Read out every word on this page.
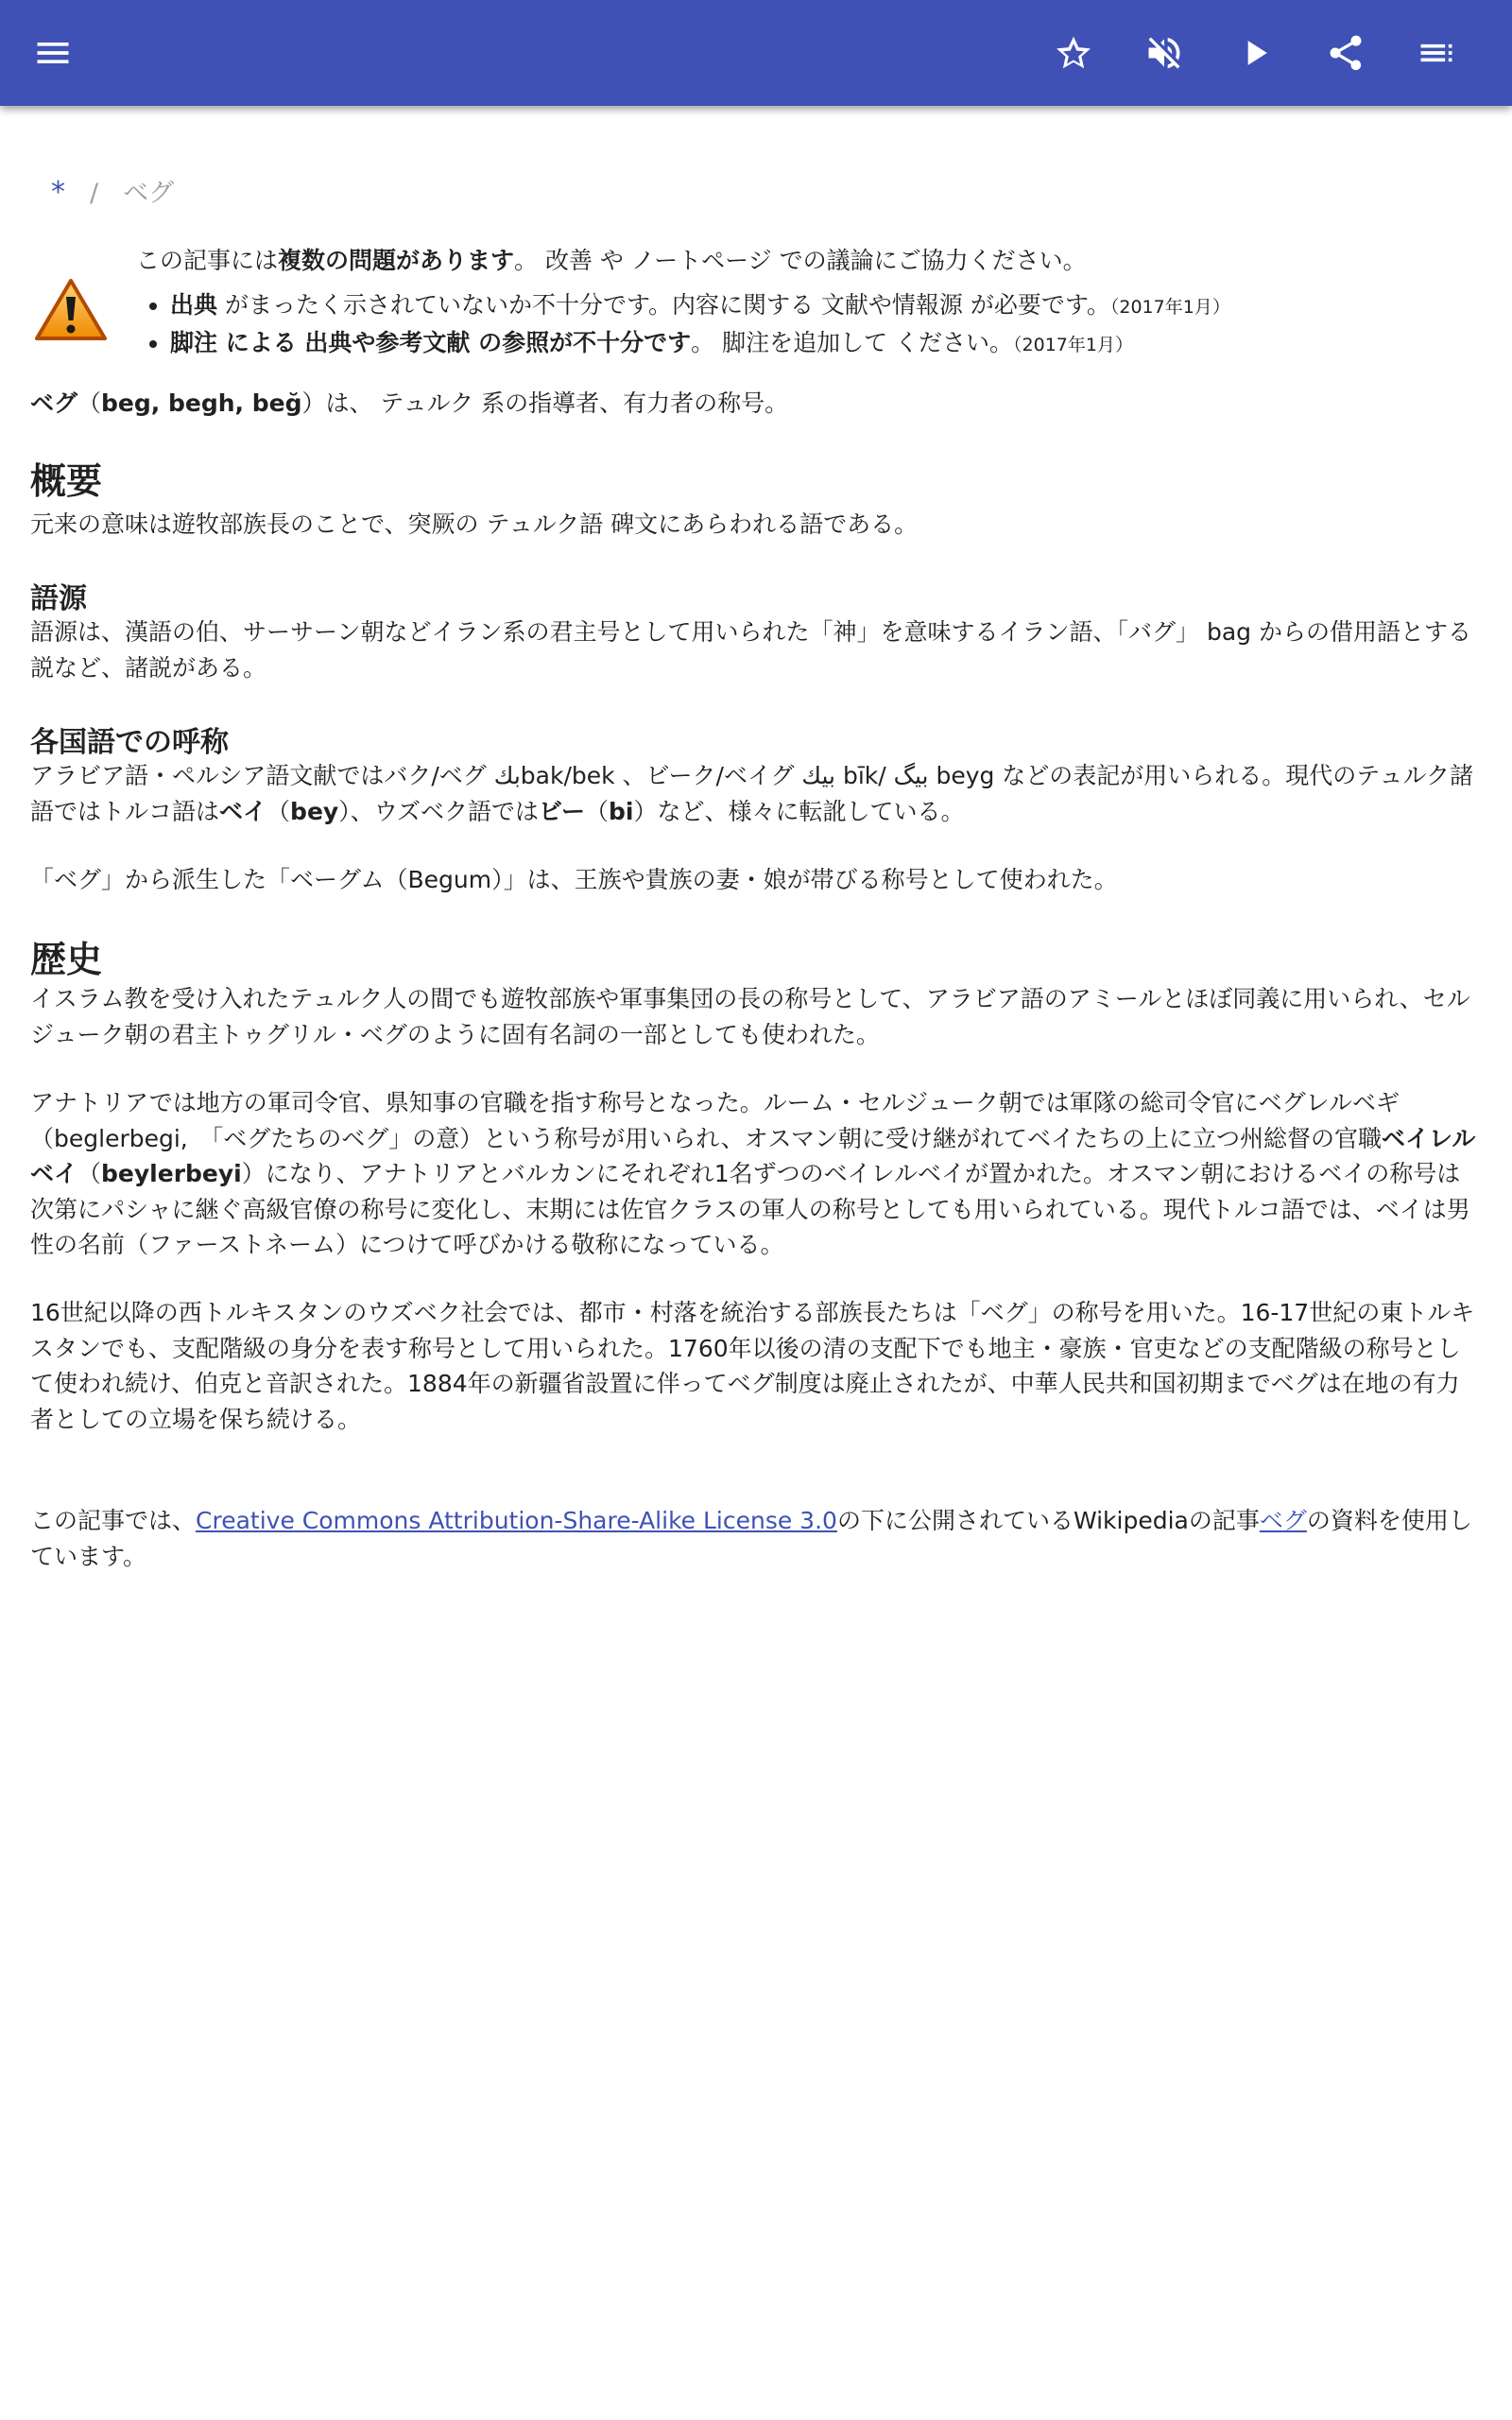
* / ベグ
この記事には複数の問題があります。 改善 や ノートページ での議論にご協力ください。
• 出典 がまったく示されていないか不十分です。内容に関する 文献や情報源 が必要です。（2017年1月）
• 脚注 による 出典や参考文献 の参照が不十分です。 脚注を追加して ください。（2017年1月）
ベグ（beg, begh, beğ）は、 テュルク 系の指導者、有力者の称号。
概要
元来の意味は遊牧部族長のことで、突厥の テュルク語 碑文にあらわれる語である。
語源
語源は、漢語の伯、サーサーン朝などイラン系の君主号として用いられた「神」を意味するイラン語、「バグ」 bag からの借用語とする説など、諸説がある。
各国語での呼称
アラビア語・ペルシア語文献ではバク/ベグ بك‎bak/bek 、ビーク/ベイグ بيك‎ bīk/ بيگ‎ beyg などの表記が用いられる。現代のテュルク諸語ではトルコ語はベイ（bey）、ウズベク語ではビー（bi）など、様々に転訛している。
「ベグ」から派生した「ベーグム（Begum）」は、王族や貴族の妻・娘が帯びる称号として使われた。
歴史
イスラム教を受け入れたテュルク人の間でも遊牧部族や軍事集団の長の称号として、アラビア語のアミールとほぼ同義に用いられ、セルジューク朝の君主トゥグリル・ベグのように固有名詞の一部としても使われた。
アナトリアでは地方の軍司令官、県知事の官職を指す称号となった。ルーム・セルジューク朝では軍隊の総司令官にベグレルベギ（beglerbegi,　「ベグたちのベグ」の意）という称号が用いられ、オスマン朝に受け継がれてベイたちの上に立つ州総督の官職ベイレルベイ（beylerbeyi）になり、アナトリアとバルカンにそれぞれ1名ずつのベイレルベイが置かれた。オスマン朝におけるベイの称号は次第にパシャに継ぐ高級官僚の称号に変化し、末期には佐官クラスの軍人の称号としても用いられている。現代トルコ語では、ベイは男性の名前（ファーストネーム）につけて呼びかける敬称になっている。
16世紀以降の西トルキスタンのウズベク社会では、都市・村落を統治する部族長たちは「ベグ」の称号を用いた。16-17世紀の東トルキスタンでも、支配階級の身分を表す称号として用いられた。1760年以後の清の支配下でも地主・豪族・官吏などの支配階級の称号として使われ続け、伯克と音訳された。1884年の新疆省設置に伴ってベグ制度は廃止されたが、中華人民共和国初期までベグは在地の有力者としての立場を保ち続ける。
この記事では、Creative Commons Attribution-Share-Alike License 3.0の下に公開されているWikipediaの記事ベグの資料を使用しています。
